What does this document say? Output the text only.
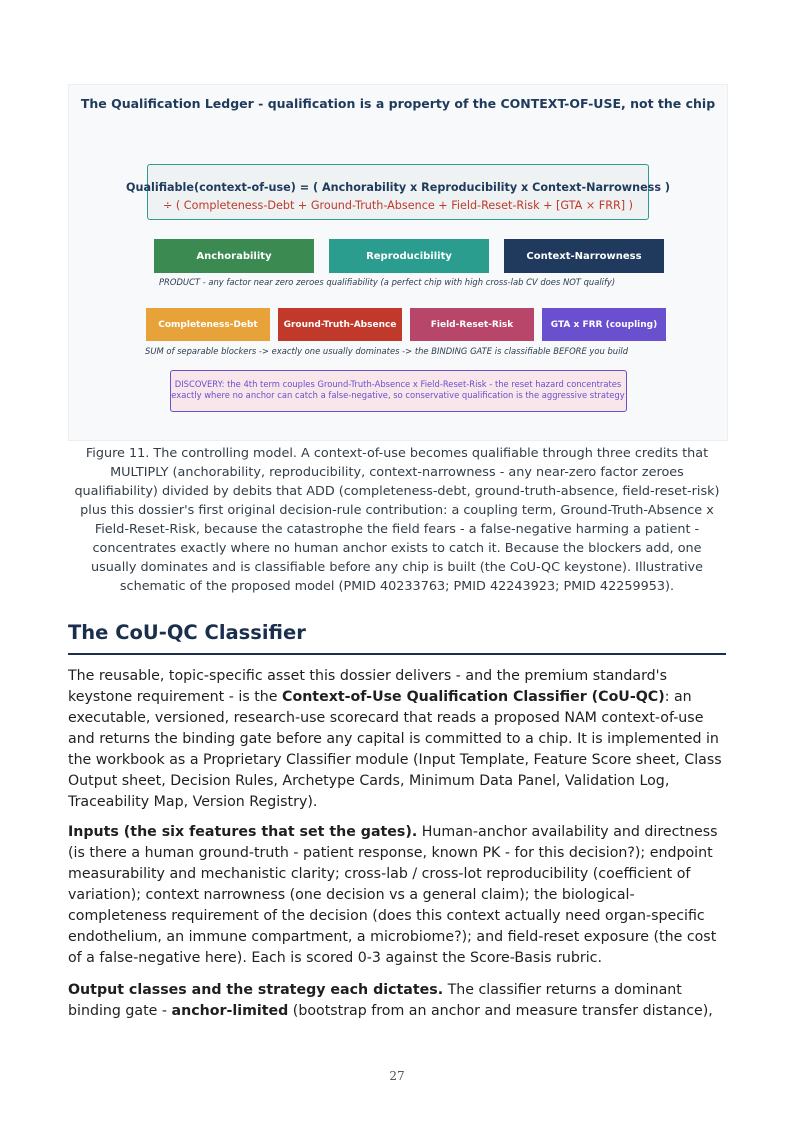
The Qualification Ledger - qualification is a property of the CONTEXT-OF-USE, not the chip
Qualifiable(context-of-use) = ( Anchorability x Reproducibility x Context-Narrowness )
÷ ( Completeness-Debt + Ground-Truth-Absence + Field-Reset-Risk + [GTA × FRR] )
Anchorability	Reproducibility	Context-Narrowness
PRODUCT - any factor near zero zeroes qualifiability (a perfect chip with high cross-lab CV does NOT qualify)
Completeness-Debt	Ground-Truth-Absence	Field-Reset-Risk	GTA x FRR (coupling)
SUM of separable blockers -> exactly one usually dominates -> the BINDING GATE is classifiable BEFORE you build
DISCOVERY: the 4th term couples Ground-Truth-Absence x Field-Reset-Risk - the reset hazard concentrates
exactly where no anchor can catch a false-negative, so conservative qualification is the aggressive strategy
Figure 11. The controlling model. A context-of-use becomes qualifiable through three credits that MULTIPLY (anchorability, reproducibility, context-narrowness - any near-zero factor zeroes qualifiability) divided by debits that ADD (completeness-debt, ground-truth-absence, field-reset-risk) plus this dossier's first original decision-rule contribution: a coupling term, Ground-Truth-Absence x Field-Reset-Risk, because the catastrophe the field fears - a false-negative harming a patient - concentrates exactly where no human anchor exists to catch it. Because the blockers add, one usually dominates and is classifiable before any chip is built (the CoU-QC keystone). Illustrative schematic of the proposed model (PMID 40233763; PMID 42243923; PMID 42259953).
The CoU-QC Classifier

The reusable, topic-specific asset this dossier delivers - and the premium standard's keystone requirement - is the Context-of-Use Qualification Classifier (CoU-QC): an executable, versioned, research-use scorecard that reads a proposed NAM context-of-use and returns the binding gate before any capital is committed to a chip. It is implemented in the workbook as a Proprietary Classifier module (Input Template, Feature Score sheet, Class Output sheet, Decision Rules, Archetype Cards, Minimum Data Panel, Validation Log, Traceability Map, Version Registry).

Inputs (the six features that set the gates). Human-anchor availability and directness (is there a human ground-truth - patient response, known PK - for this decision?); endpoint measurability and mechanistic clarity; cross-lab / cross-lot reproducibility (coefficient of variation); context narrowness (one decision vs a general claim); the biological-completeness requirement of the decision (does this context actually need organ-specific endothelium, an immune compartment, a microbiome?); and field-reset exposure (the cost of a false-negative here). Each is scored 0-3 against the Score-Basis rubric.

Output classes and the strategy each dictates. The classifier returns a dominant binding gate - anchor-limited (bootstrap from an anchor and measure transfer distance),

27
